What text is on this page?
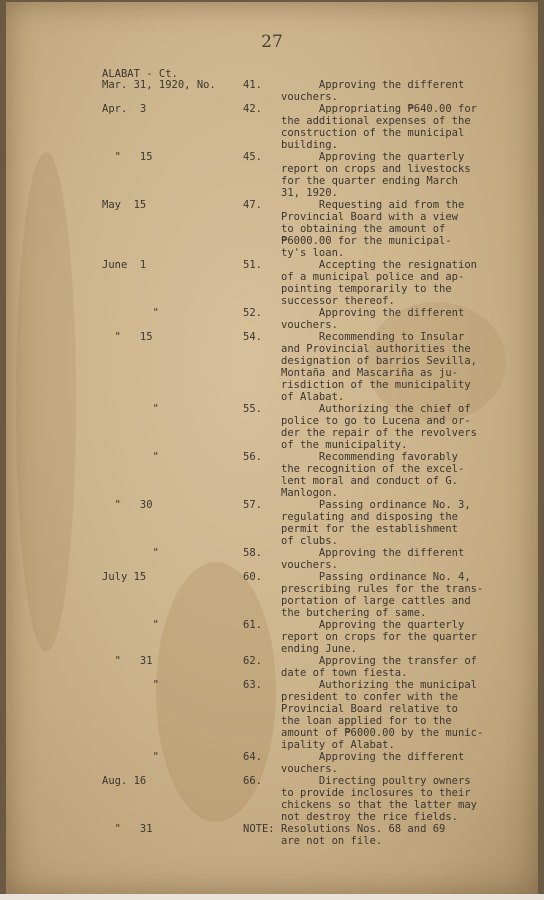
27
ALABAT - Ct.
Mar. 31, 1920, No.	41.	Approving the different
vouchers.
Apr.  3	42.	Appropriating ₱640.00 for
the additional expenses of the
construction of the municipal
building.
"   15	45.	Approving the quarterly
report on crops and livestocks
for the quarter ending March
31, 1920.
May  15	47.	Requesting aid from the
Provincial Board with a view
to obtaining the amount of
₱6000.00 for the municipal-
ty's loan.
June  1	51.	Accepting the resignation
of a municipal police and ap-
pointing temporarily to the
successor thereof.
"	52.	Approving the different
vouchers.
"   15	54.	Recommending to Insular
and Provincial authorities the
designation of barrios Sevilla,
Montaña and Mascariña as ju-
risdiction of the municipality
of Alabat.
"	55.	Authorizing the chief of
police to go to Lucena and or-
der the repair of the revolvers
of the municipality.
"	56.	Recommending favorably
the recognition of the excel-
lent moral and conduct of G.
Manlogon.
"   30	57.	Passing ordinance No. 3,
regulating and disposing the
permit for the establishment
of clubs.
"	58.	Approving the different
vouchers.
July 15	60.	Passing ordinance No. 4,
prescribing rules for the trans-
portation of large cattles and
the butchering of same.
"	61.	Approving the quarterly
report on crops for the quarter
ending June.
"   31	62.	Approving the transfer of
date of town fiesta.
"	63.	Authorizing the municipal
president to confer with the
Provincial Board relative to
the loan applied for to the
amount of ₱6000.00 by the munic-
ipality of Alabat.
"	64.	Approving the different
vouchers.
Aug. 16	66.	Directing poultry owners
to provide inclosures to their
chickens so that the latter may
not destroy the rice fields.
"   31	NOTE: Resolutions Nos. 68 and 69
are not on file.
